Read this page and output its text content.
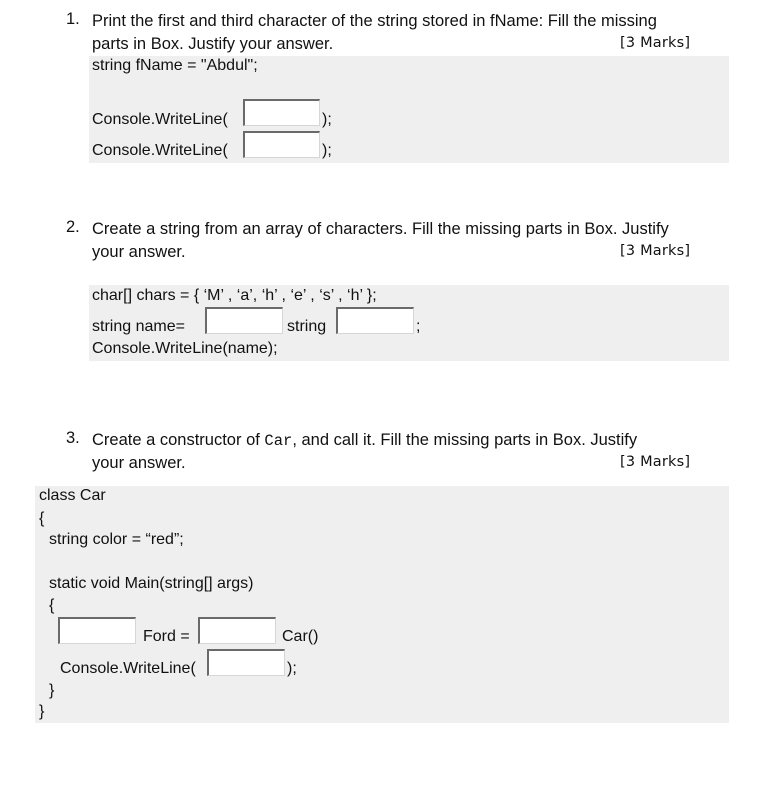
1. Print the first and third character of the string stored in fName: Fill the missing
parts in Box. Justify your answer.	[3 Marks]
string fName = "Abdul";
Console.WriteLine(	);
Console.WriteLine(	);
2. Create a string from an array of characters. Fill the missing parts in Box. Justify
your answer.	[3 Marks]
char[] chars = { ‘M’ , ‘a’, ‘h’ , ‘e’ , ‘s’ , ‘h’ };
string name=	string	;
Console.WriteLine(name);
3. Create a constructor of Car, and call it. Fill the missing parts in Box. Justify
your answer.	[3 Marks]
class Car
{
string color = “red”;
static void Main(string[] args)
{
Ford =	Car()
Console.WriteLine(	);
}
}
